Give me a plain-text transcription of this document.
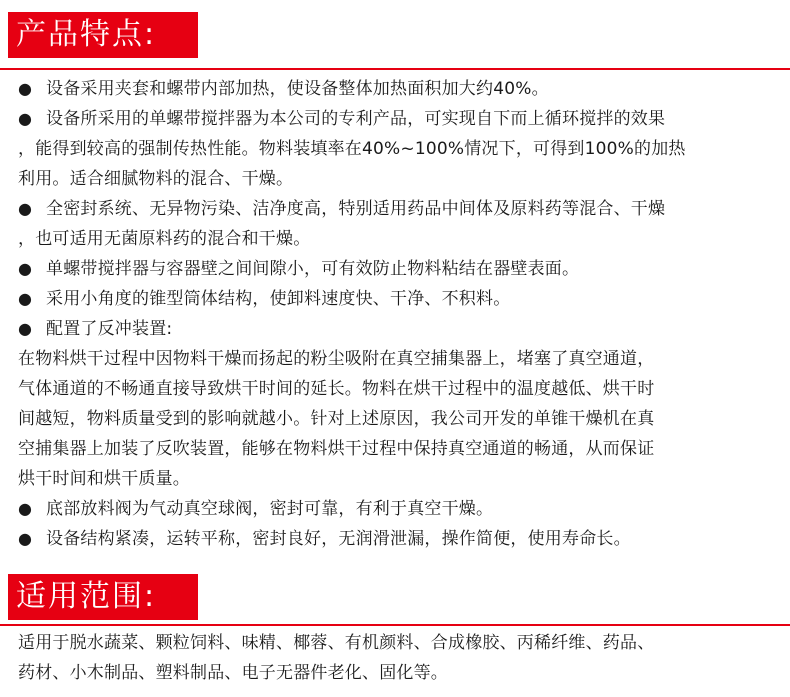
产品特点:
● 设备采用夹套和螺带内部加热，使设备整体加热面积加大约40%。
● 设备所采用的单螺带搅拌器为本公司的专利产品，可实现自下而上循环搅拌的效果
，能得到较高的强制传热性能。物料装填率在40%~100%情况下，可得到100%的加热
利用。适合细腻物料的混合、干燥。
● 全密封系统、无异物污染、洁净度高，特别适用药品中间体及原料药等混合、干燥
，也可适用无菌原料药的混合和干燥。
● 单螺带搅拌器与容器壁之间间隙小，可有效防止物料粘结在器壁表面。
● 采用小角度的锥型筒体结构，使卸料速度快、干净、不积料。
● 配置了反冲装置:
在物料烘干过程中因物料干燥而扬起的粉尘吸附在真空捕集器上，堵塞了真空通道，
气体通道的不畅通直接导致烘干时间的延长。物料在烘干过程中的温度越低、烘干时
间越短，物料质量受到的影响就越小。针对上述原因，我公司开发的单锥干燥机在真
空捕集器上加装了反吹装置，能够在物料烘干过程中保持真空通道的畅通，从而保证
烘干时间和烘干质量。
● 底部放料阀为气动真空球阀，密封可靠，有利于真空干燥。
● 设备结构紧凑，运转平称，密封良好，无润滑泄漏，操作简便，使用寿命长。
适用范围:
适用于脱水蔬菜、颗粒饲料、味精、椰蓉、有机颜料、合成橡胶、丙稀纤维、药品、
药材、小木制品、塑料制品、电子无器件老化、固化等。
